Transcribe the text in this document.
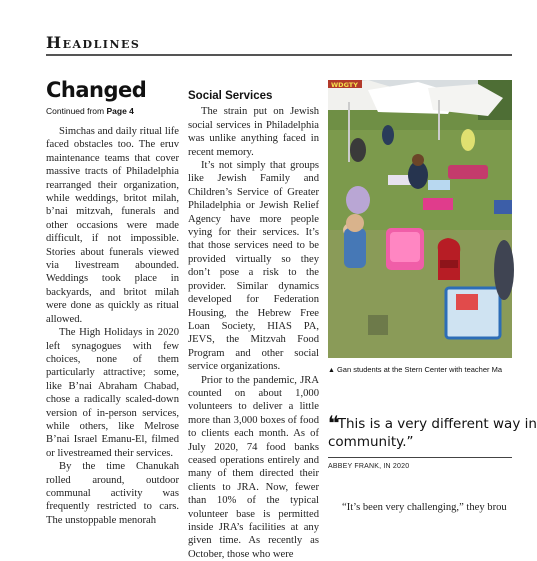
Headlines
Changed
Continued from Page 4

Simchas and daily ritual life faced obstacles too. The eruv maintenance teams that cover massive tracts of Philadelphia rearranged their organization, while weddings, britot milah, b’nai mitzvah, funerals and other occasions were made difficult, if not impossible. Stories about funerals viewed via livestream abounded. Weddings took place in backyards, and britot milah were done as quickly as ritual allowed.

The High Holidays in 2020 left synagogues with few choices, none of them particularly attractive; some, like B’nai Abraham Chabad, chose a radically scaled-down version of in-person services, while others, like Melrose B’nai Israel Emanu-El, filmed or livestreamed their services.

By the time Chanukah rolled around, outdoor communal activity was frequently restricted to cars. The unstoppable menorah

Social Services

The strain put on Jewish social services in Philadelphia was unlike anything faced in recent memory.

It’s not simply that groups like Jewish Family and Children’s Service of Greater Philadelphia or Jewish Relief Agency have more people vying for their services. It’s that those services need to be provided virtually so they don’t pose a risk to the provider. Similar dynamics developed for Federation Housing, the Hebrew Free Loan Society, HIAS PA, JEVS, the Mitzvah Food Program and other social service organizations.

Prior to the pandemic, JRA counted on about 1,000 volunteers to deliver a little more than 3,000 boxes of food to clients each month. As of July 2020, 74 food banks ceased operations entirely and many of them directed their clients to JRA. Now, fewer than 10% of the typical volunteer base is permitted inside JRA’s facilities at any given time. As recently as October, those who were

WDGTY
▲ Gan students at the Stern Center with teacher Ma
❝This is a very different way in
community.”
ABBEY FRANK, IN 2020
“It’s been very challenging,” they brou
